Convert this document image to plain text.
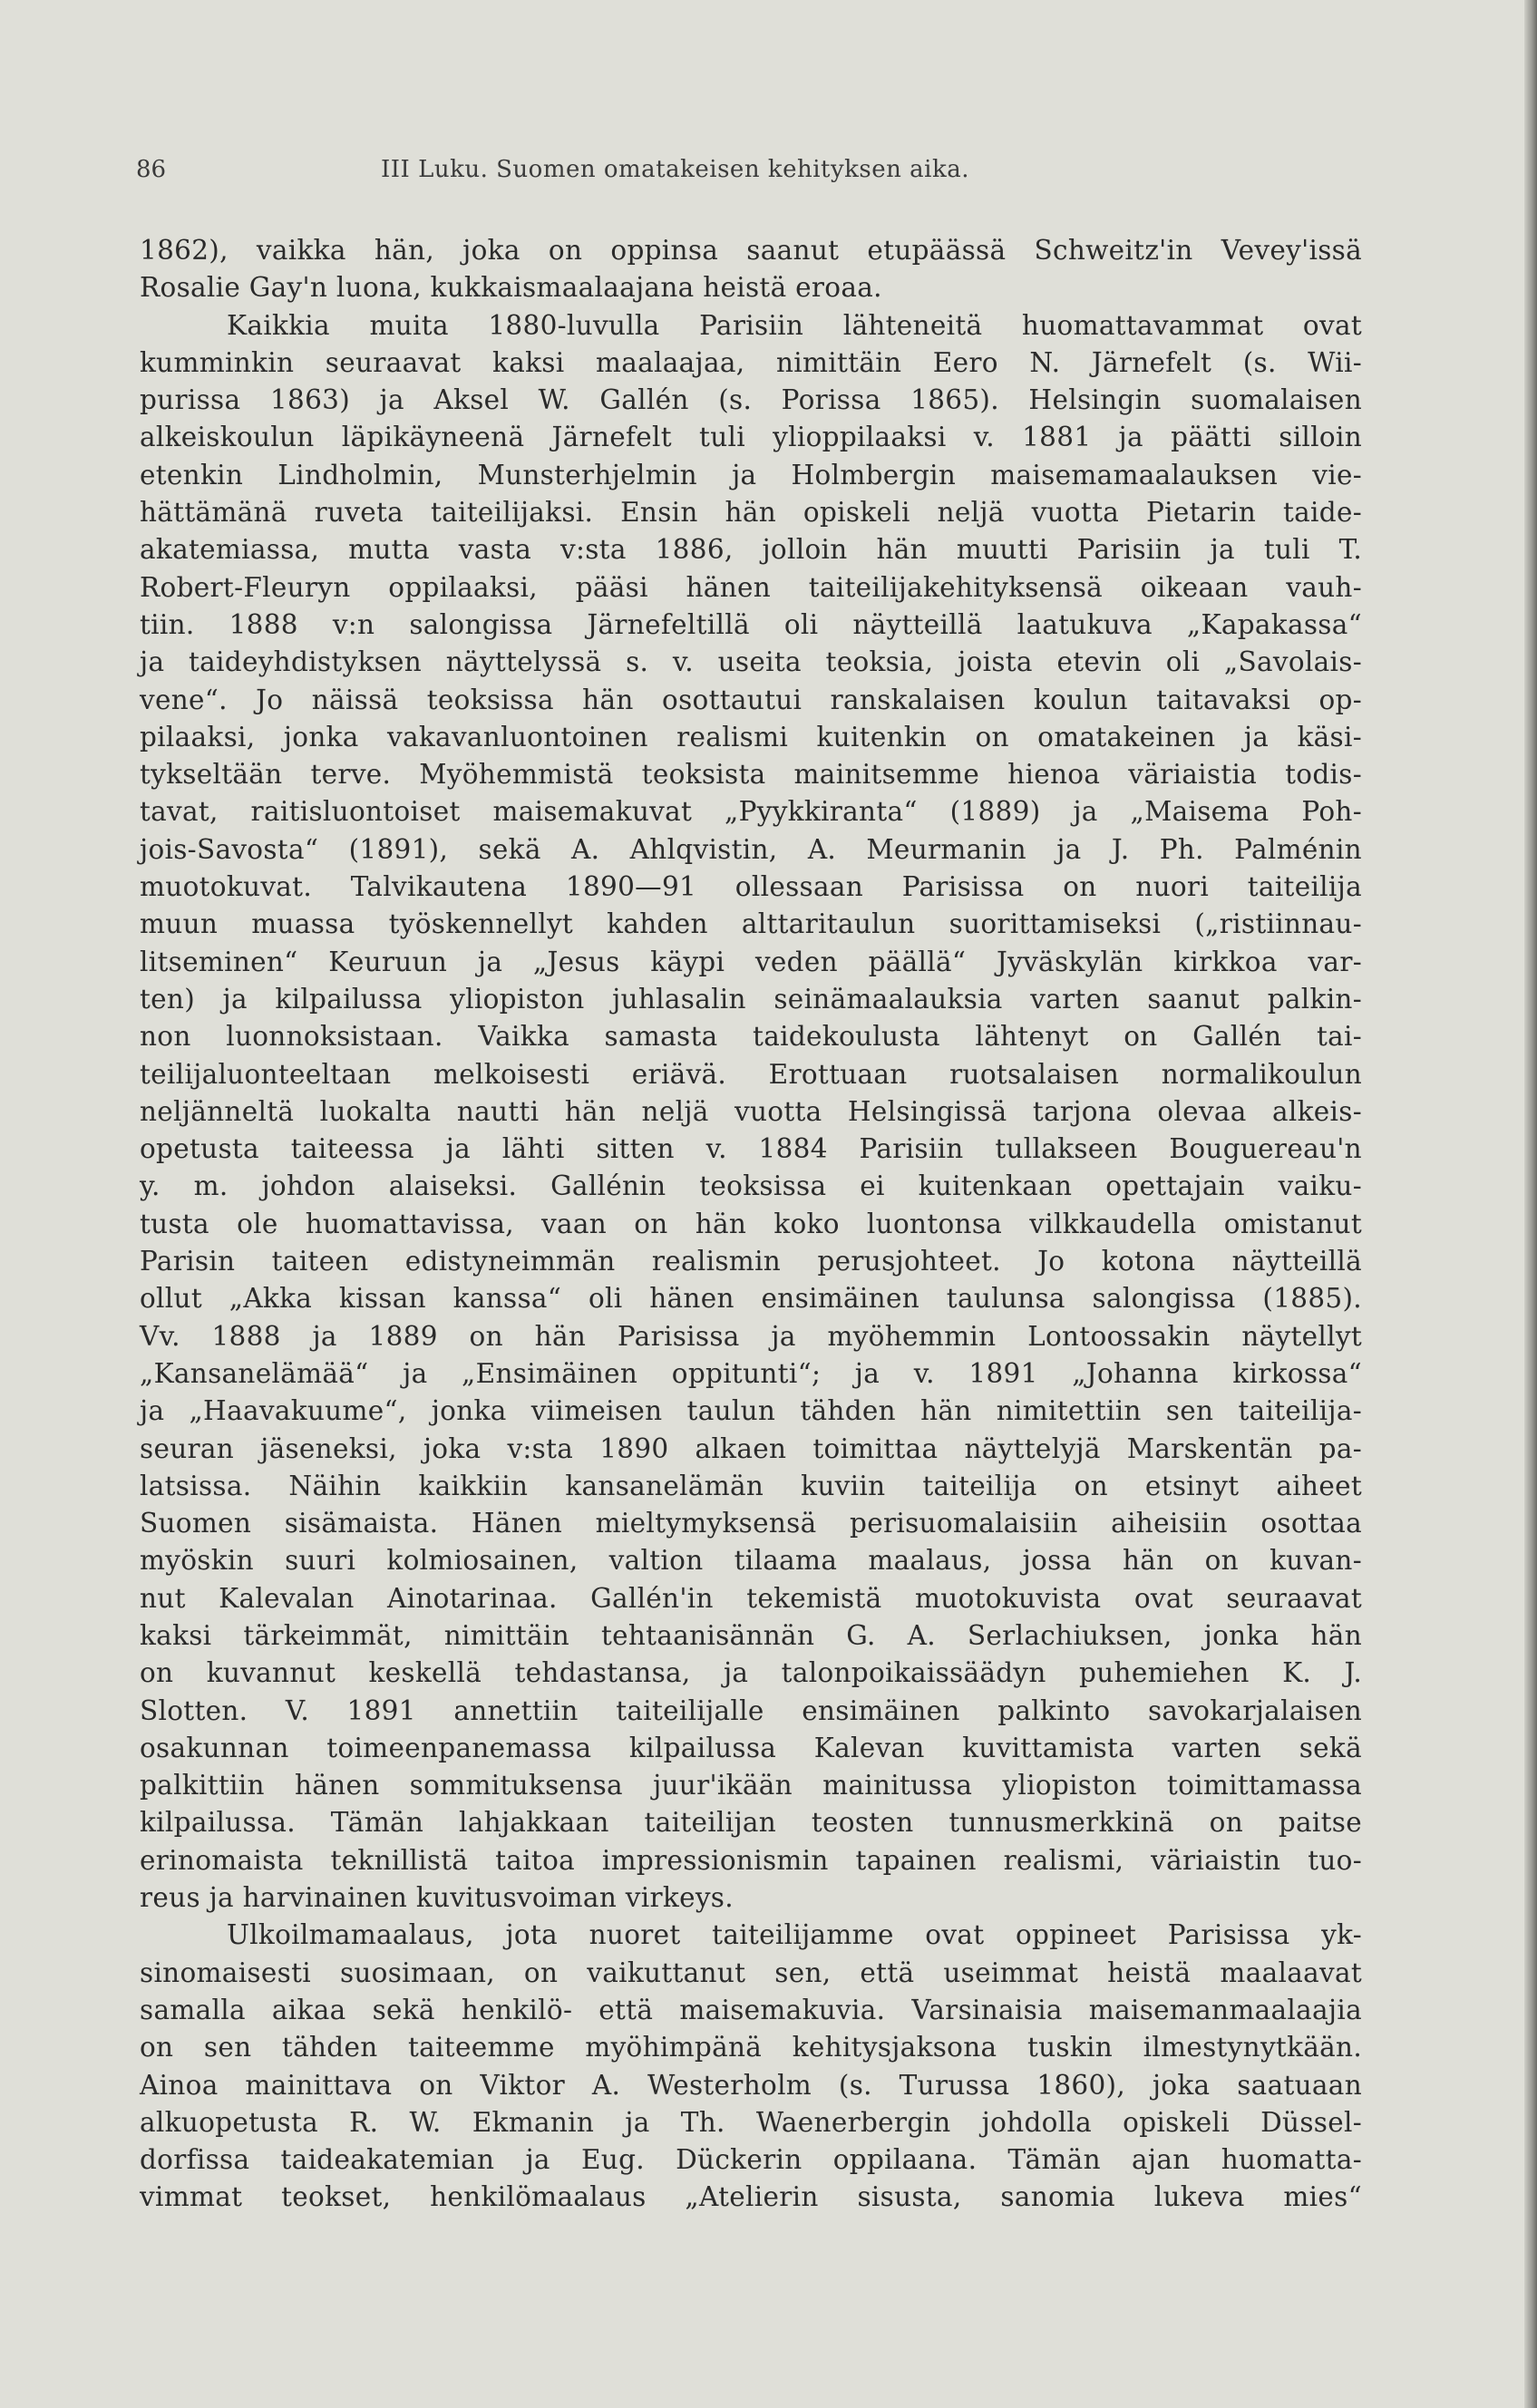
86	III Luku. Suomen omatakeisen kehityksen aika.
1862), vaikka hän, joka on oppinsa saanut etupäässä Schweitz'in Vevey'issä
Rosalie Gay'n luona, kukkaismaalaajana heistä eroaa.
Kaikkia muita 1880-luvulla Parisiin lähteneitä huomattavammat ovat
kumminkin seuraavat kaksi maalaajaa, nimittäin Eero N. Järnefelt (s. Wii-
purissa 1863) ja Aksel W. Gallén (s. Porissa 1865). Helsingin suomalaisen
alkeiskoulun läpikäyneenä Järnefelt tuli ylioppilaaksi v. 1881 ja päätti silloin
etenkin Lindholmin, Munsterhjelmin ja Holmbergin maisemamaalauksen vie-
hättämänä ruveta taiteilijaksi. Ensin hän opiskeli neljä vuotta Pietarin taide-
akatemiassa, mutta vasta v:sta 1886, jolloin hän muutti Parisiin ja tuli T.
Robert-Fleuryn oppilaaksi, pääsi hänen taiteilijakehityksensä oikeaan vauh-
tiin. 1888 v:n salongissa Järnefeltillä oli näytteillä laatukuva „Kapakassa“
ja taideyhdistyksen näyttelyssä s. v. useita teoksia, joista etevin oli „Savolais-
vene“. Jo näissä teoksissa hän osottautui ranskalaisen koulun taitavaksi op-
pilaaksi, jonka vakavanluontoinen realismi kuitenkin on omatakeinen ja käsi-
tykseltään terve. Myöhemmistä teoksista mainitsemme hienoa väriaistia todis-
tavat, raitisluontoiset maisemakuvat „Pyykkiranta“ (1889) ja „Maisema Poh-
jois-Savosta“ (1891), sekä A. Ahlqvistin, A. Meurmanin ja J. Ph. Palménin
muotokuvat. Talvikautena 1890—91 ollessaan Parisissa on nuori taiteilija
muun muassa työskennellyt kahden alttaritaulun suorittamiseksi („ristiinnau-
litseminen“ Keuruun ja „Jesus käypi veden päällä“ Jyväskylän kirkkoa var-
ten) ja kilpailussa yliopiston juhlasalin seinämaalauksia varten saanut palkin-
non luonnoksistaan. Vaikka samasta taidekoulusta lähtenyt on Gallén tai-
teilijaluonteeltaan melkoisesti eriävä. Erottuaan ruotsalaisen normalikoulun
neljänneltä luokalta nautti hän neljä vuotta Helsingissä tarjona olevaa alkeis-
opetusta taiteessa ja lähti sitten v. 1884 Parisiin tullakseen Bouguereau'n
y. m. johdon alaiseksi. Gallénin teoksissa ei kuitenkaan opettajain vaiku-
tusta ole huomattavissa, vaan on hän koko luontonsa vilkkaudella omistanut
Parisin taiteen edistyneimmän realismin perusjohteet. Jo kotona näytteillä
ollut „Akka kissan kanssa“ oli hänen ensimäinen taulunsa salongissa (1885).
Vv. 1888 ja 1889 on hän Parisissa ja myöhemmin Lontoossakin näytellyt
„Kansanelämää“ ja „Ensimäinen oppitunti“; ja v. 1891 „Johanna kirkossa“
ja „Haavakuume“, jonka viimeisen taulun tähden hän nimitettiin sen taiteilija-
seuran jäseneksi, joka v:sta 1890 alkaen toimittaa näyttelyjä Marskentän pa-
latsissa. Näihin kaikkiin kansanelämän kuviin taiteilija on etsinyt aiheet
Suomen sisämaista. Hänen mieltymyksensä perisuomalaisiin aiheisiin osottaa
myöskin suuri kolmiosainen, valtion tilaama maalaus, jossa hän on kuvan-
nut Kalevalan Ainotarinaa. Gallén'in tekemistä muotokuvista ovat seuraavat
kaksi tärkeimmät, nimittäin tehtaanisännän G. A. Serlachiuksen, jonka hän
on kuvannut keskellä tehdastansa, ja talonpoikaissäädyn puhemiehen K. J.
Slotten. V. 1891 annettiin taiteilijalle ensimäinen palkinto savokarjalaisen
osakunnan toimeenpanemassa kilpailussa Kalevan kuvittamista varten sekä
palkittiin hänen sommituksensa juur'ikään mainitussa yliopiston toimittamassa
kilpailussa. Tämän lahjakkaan taiteilijan teosten tunnusmerkkinä on paitse
erinomaista teknillistä taitoa impressionismin tapainen realismi, väriaistin tuo-
reus ja harvinainen kuvitusvoiman virkeys.
Ulkoilmamaalaus, jota nuoret taiteilijamme ovat oppineet Parisissa yk-
sinomaisesti suosimaan, on vaikuttanut sen, että useimmat heistä maalaavat
samalla aikaa sekä henkilö- että maisemakuvia. Varsinaisia maisemanmaalaajia
on sen tähden taiteemme myöhimpänä kehitysjaksona tuskin ilmestynytkään.
Ainoa mainittava on Viktor A. Westerholm (s. Turussa 1860), joka saatuaan
alkuopetusta R. W. Ekmanin ja Th. Waenerbergin johdolla opiskeli Düssel-
dorfissa taideakatemian ja Eug. Dückerin oppilaana. Tämän ajan huomatta-
vimmat teokset, henkilömaalaus „Atelierin sisusta, sanomia lukeva mies“
